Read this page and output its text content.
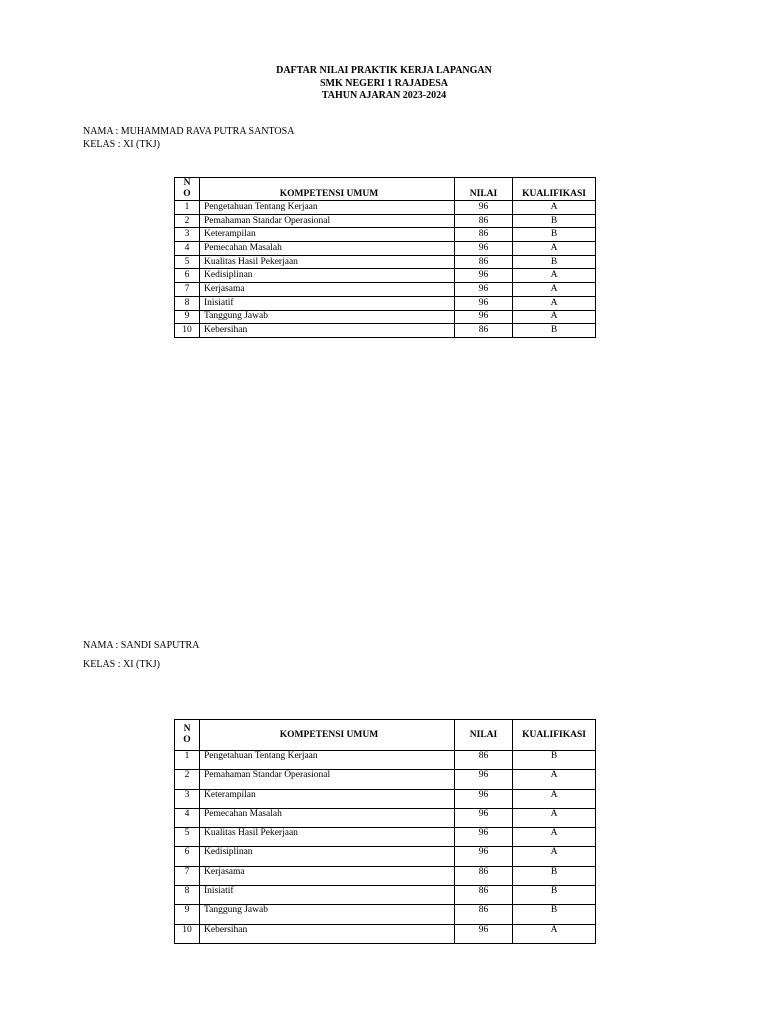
DAFTAR NILAI PRAKTIK KERJA LAPANGAN
SMK NEGERI 1 RAJADESA
TAHUN AJARAN 2023-2024
NAMA : MUHAMMAD RAVA PUTRA SANTOSA
KELAS : XI (TKJ)
N
O	KOMPETENSI UMUM	NILAI	KUALIFIKASI
1	Pengetahuan Tentang Kerjaan	96	A
2	Pemahaman Standar Operasional	86	B
3	Keterampilan	86	B
4	Pemecahan Masalah	96	A
5	Kualitas Hasil Pekerjaan	86	B
6	Kedisiplinan	96	A
7	Kerjasama	96	A
8	Inisiatif	96	A
9	Tanggung Jawab	96	A
10	Kebersihan	86	B
NAMA : SANDI SAPUTRA
KELAS : XI (TKJ)
N
O	KOMPETENSI UMUM	NILAI	KUALIFIKASI
1	Pengetahuan Tentang Kerjaan	86	B
2	Pemahaman Standar Operasional	96	A
3	Keterampilan	96	A
4	Pemecahan Masalah	96	A
5	Kualitas Hasil Pekerjaan	96	A
6	Kedisiplinan	96	A
7	Kerjasama	86	B
8	Inisiatif	86	B
9	Tanggung Jawab	86	B
10	Kebersihan	96	A
